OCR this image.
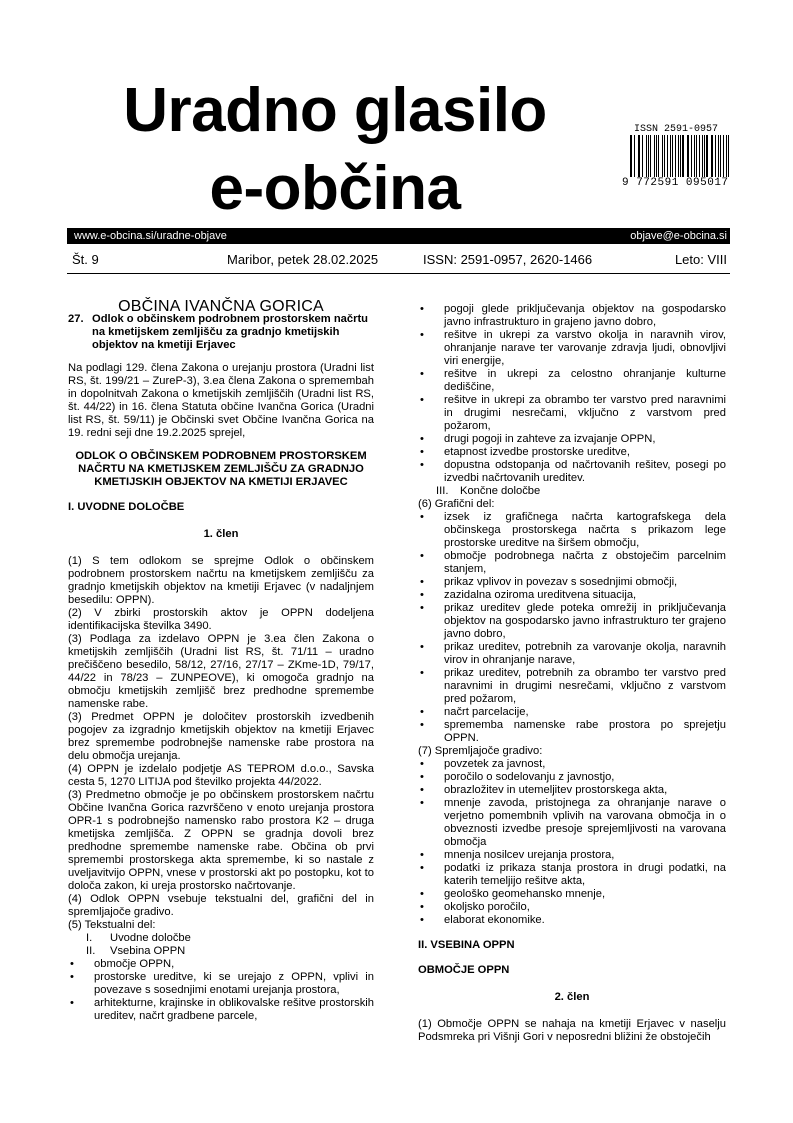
Uradno glasilo
e-občina
ISSN 2591-0957
9 772591 095017
www.e-obcina.si/uradne-objave	objave@e-obcina.si
Št. 9	Maribor, petek 28.02.2025	ISSN: 2591-0957, 2620-1466	Leto: VIII

OBČINA IVANČNA GORICA

27. Odlok o občinskem podrobnem prostorskem načrtu na kmetijskem zemljišču za gradnjo kmetijskih objektov na kmetiji Erjavec

Na podlagi 129. člena Zakona o urejanju prostora (Uradni list RS, št. 199/21 – ZureP-3), 3.ea člena Zakona o spremembah in dopolnitvah Zakona o kmetijskih zemljiščih (Uradni list RS, št. 44/22) in 16. člena Statuta občine Ivančna Gorica (Uradni list RS, št. 59/11) je Občinski svet Občine Ivančna Gorica na 19. redni seji dne 19.2.2025 sprejel,

ODLOK O OBČINSKEM PODROBNEM PROSTORSKEM NAČRTU NA KMETIJSKEM ZEMLJIŠČU ZA GRADNJO KMETIJSKIH OBJEKTOV NA KMETIJI ERJAVEC

I. UVODNE DOLOČBE

1. člen

(1) S tem odlokom se sprejme Odlok o občinskem podrobnem prostorskem načrtu na kmetijskem zemljišču za gradnjo kmetijskih objektov na kmetiji Erjavec (v nadaljnjem besedilu: OPPN).

(2) V zbirki prostorskih aktov je OPPN dodeljena identifikacijska številka 3490.

(3) Podlaga za izdelavo OPPN je 3.ea člen Zakona o kmetijskih zemljiščih (Uradni list RS, št. 71/11 – uradno prečiščeno besedilo, 58/12, 27/16, 27/17 – ZKme-1D, 79/17, 44/22 in 78/23 – ZUNPEOVE), ki omogoča gradnjo na območju kmetijskih zemljišč brez predhodne spremembe namenske rabe.

(3) Predmet OPPN je določitev prostorskih izvedbenih pogojev za izgradnjo kmetijskih objektov na kmetiji Erjavec brez spremembe podrobnejše namenske rabe prostora na delu območja urejanja.

(4) OPPN je izdelalo podjetje AS TEPROM d.o.o., Savska cesta 5, 1270 LITIJA pod številko projekta 44/2022.

(3) Predmetno območje je po občinskem prostorskem načrtu Občine Ivančna Gorica razvrščeno v enoto urejanja prostora OPR-1 s podrobnejšo namensko rabo prostora K2 – druga kmetijska zemljišča. Z OPPN se gradnja dovoli brez predhodne spremembe namenske rabe. Občina ob prvi spremembi prostorskega akta spremembe, ki so nastale z uveljavitvijo OPPN, vnese v prostorski akt po postopku, kot to določa zakon, ki ureja prostorsko načrtovanje.

(4) Odlok OPPN vsebuje tekstualni del, grafični del in spremljajoče gradivo.

(5) Tekstualni del:

I. Uvodne določbe
II. Vsebina OPPN
• območje OPPN,
• prostorske ureditve, ki se urejajo z OPPN, vplivi in povezave s sosednjimi enotami urejanja prostora,
• arhitekturne, krajinske in oblikovalske rešitve prostorskih ureditev, načrt gradbene parcele,
• pogoji glede priključevanja objektov na gospodarsko javno infrastrukturo in grajeno javno dobro,
• rešitve in ukrepi za varstvo okolja in naravnih virov, ohranjanje narave ter varovanje zdravja ljudi, obnovljivi viri energije,
• rešitve in ukrepi za celostno ohranjanje kulturne dediščine,
• rešitve in ukrepi za obrambo ter varstvo pred naravnimi in drugimi nesrečami, vključno z varstvom pred požarom,
• drugi pogoji in zahteve za izvajanje OPPN,
• etapnost izvedbe prostorske ureditve,
• dopustna odstopanja od načrtovanih rešitev, posegi po izvedbi načrtovanih ureditev.
III. Končne določbe

(6) Grafični del:

• izsek iz grafičnega načrta kartografskega dela občinskega prostorskega načrta s prikazom lege prostorske ureditve na širšem območju,
• območje podrobnega načrta z obstoječim parcelnim stanjem,
• prikaz vplivov in povezav s sosednjimi območji,
• zazidalna oziroma ureditvena situacija,
• prikaz ureditev glede poteka omrežij in priključevanja objektov na gospodarsko javno infrastrukturo ter grajeno javno dobro,
• prikaz ureditev, potrebnih za varovanje okolja, naravnih virov in ohranjanje narave,
• prikaz ureditev, potrebnih za obrambo ter varstvo pred naravnimi in drugimi nesrečami, vključno z varstvom pred požarom,
• načrt parcelacije,
• sprememba namenske rabe prostora po sprejetju OPPN.

(7) Spremljajoče gradivo:

• povzetek za javnost,
• poročilo o sodelovanju z javnostjo,
• obrazložitev in utemeljitev prostorskega akta,
• mnenje zavoda, pristojnega za ohranjanje narave o verjetno pomembnih vplivih na varovana območja in o obveznosti izvedbe presoje sprejemljivosti na varovana območja
• mnenja nosilcev urejanja prostora,
• podatki iz prikaza stanja prostora in drugi podatki, na katerih temeljijo rešitve akta,
• geološko geomehansko mnenje,
• okoljsko poročilo,
• elaborat ekonomike.

II. VSEBINA OPPN

OBMOČJE OPPN

2. člen

(1) Območje OPPN se nahaja na kmetiji Erjavec v naselju Podsmreka pri Višnji Gori v neposredni bližini že obstoječih
